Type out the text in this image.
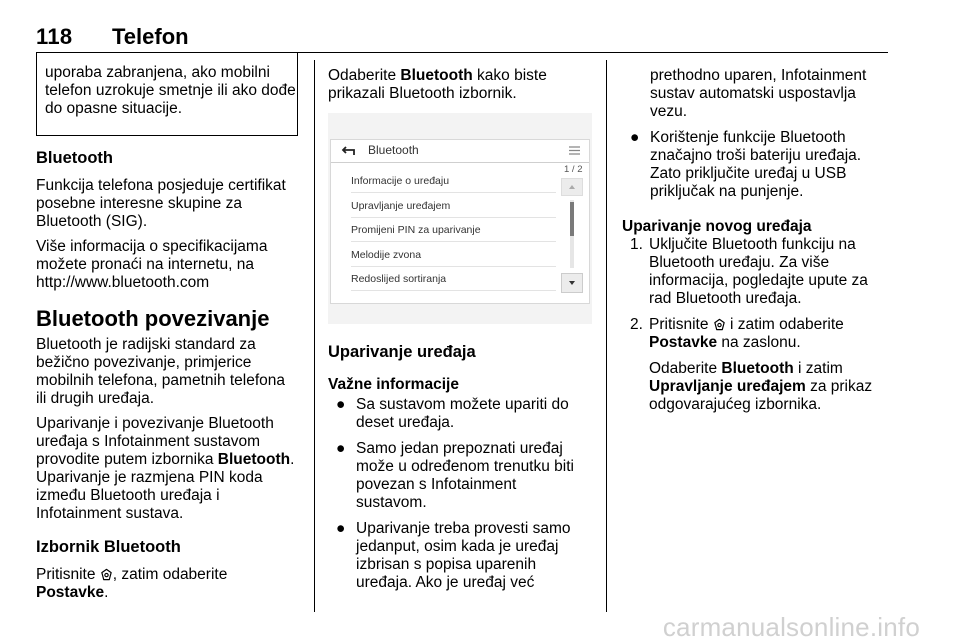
118 Telefon

uporaba zabranjena, ako mobilni telefon uzrokuje smetnje ili ako dođe do opasne situacije.

Bluetooth

Funkcija telefona posjeduje certifikat posebne interesne skupine za Bluetooth (SIG).

Više informacija o specifikacijama možete pronaći na internetu, na http://www.bluetooth.com

Bluetooth povezivanje

Bluetooth je radijski standard za bežično povezivanje, primjerice mobilnih telefona, pametnih telefona ili drugih uređaja.

Uparivanje i povezivanje Bluetooth uređaja s Infotainment sustavom provodite putem izbornika Bluetooth. Uparivanje je razmjena PIN koda između Bluetooth uređaja i Infotainment sustava.

Izbornik Bluetooth

Pritisnite , zatim odaberite
Postavke.

Odaberite Bluetooth kako biste prikazali Bluetooth izbornik.

Bluetooth
Informacije o uređaju
Upravljanje uređajem
Promijeni PIN za uparivanje
Melodije zvona
Redoslijed sortiranja
1 / 2
Uparivanje uređaja
Važne informacije
● Sa sustavom možete upariti do deset uređaja.
● Samo jedan prepoznati uređaj može u određenom trenutku biti povezan s Infotainment sustavom.
● Uparivanje treba provesti samo jedanput, osim kada je uređaj izbrisan s popisa uparenih uređaja. Ako je uređaj već

prethodno uparen, Infotainment sustav automatski uspostavlja vezu.

● Korištenje funkcije Bluetooth značajno troši bateriju uređaja. Zato priključite uređaj u USB priključak na punjenje.
Uparivanje novog uređaja
1. Uključite Bluetooth funkciju na Bluetooth uređaju. Za više informacija, pogledajte upute za rad Bluetooth uređaja.
2. Pritisnite  i zatim odaberite Postavke na zaslonu.

Odaberite Bluetooth i zatim Upravljanje uređajem za prikaz odgovarajućeg izbornika.

carmanualsonline.info
